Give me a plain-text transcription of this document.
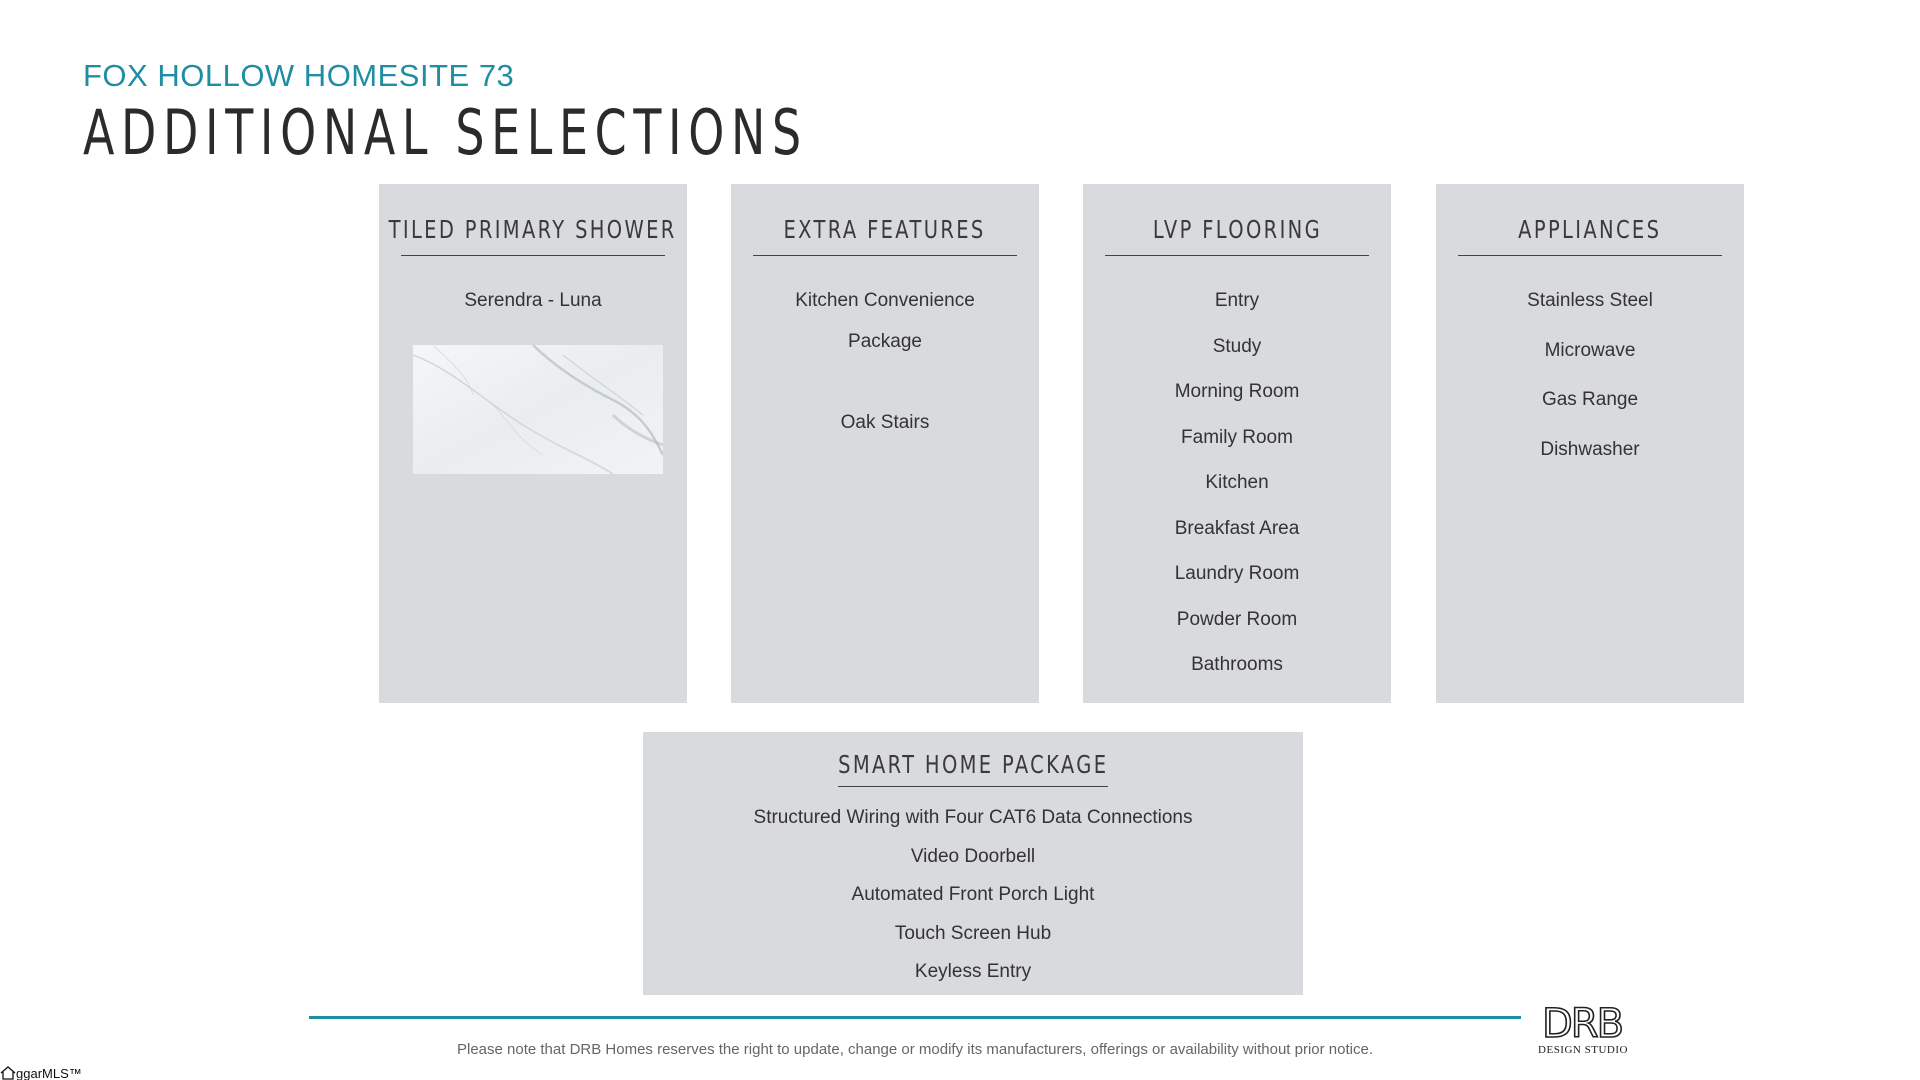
FOX HOLLOW HOMESITE 73
ADDITIONAL SELECTIONS
TILED PRIMARY SHOWER
Serendra - Luna
EXTRA FEATURES
Kitchen Convenience
Package
Oak Stairs
LVP FLOORING
Entry
Study
Morning Room
Family Room
Kitchen
Breakfast Area
Laundry Room
Powder Room
Bathrooms
APPLIANCES
Stainless Steel
Microwave
Gas Range
Dishwasher
SMART HOME PACKAGE
Structured Wiring with Four CAT6 Data Connections
Video Doorbell
Automated Front Porch Light
Touch Screen Hub
Keyless Entry
Please note that DRB Homes reserves the right to update, change or modify its manufacturers, offerings or availability without prior notice.
DRB
DESIGN STUDIO
ggarMLS™
